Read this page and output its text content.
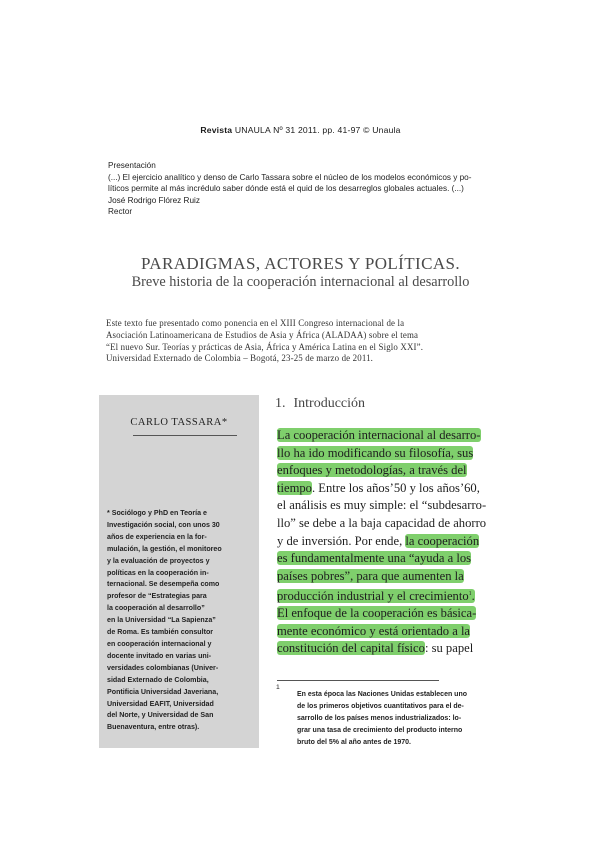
Revista UNAULA Nº 31 2011. pp. 41-97 © Unaula
Presentación
(...) El ejercicio analítico y denso de Carlo Tassara sobre el núcleo de los modelos económicos y po-
líticos permite al más incrédulo saber dónde está el quid de los desarreglos globales actuales. (...)
José Rodrigo Flórez Ruiz
Rector
PARADIGMAS, ACTORES Y POLÍTICAS.
Breve historia de la cooperación internacional al desarrollo
Este texto fue presentado como ponencia en el XIII Congreso internacional de la
Asociación Latinoamericana de Estudios de Asia y África (ALADAA) sobre el tema
“El nuevo Sur. Teorías y prácticas de Asia, África y América Latina en el Siglo XXI”.
Universidad Externado de Colombia – Bogotá, 23-25 de marzo de 2011.
CARLO TASSARA*
* Sociólogo y PhD en Teoría e
Investigación social, con unos 30
años de experiencia en la for-
mulación, la gestión, el monitoreo
y la evaluación de proyectos y
políticas en la cooperación in-
ternacional. Se desempeña como
profesor de “Estrategias para
la cooperación al desarrollo”
en la Universidad “La Sapienza”
de Roma. Es también consultor
en cooperación internacional y
docente invitado en varias uni-
versidades colombianas (Univer-
sidad Externado de Colombia,
Pontificia Universidad Javeriana,
Universidad EAFIT, Universidad
del Norte, y Universidad de San
Buenaventura, entre otras).
1. Introducción
La cooperación internacional al desarro-
llo ha ido modificando su filosofía, sus
enfoques y metodologías, a través del
tiempo. Entre los años’50 y los años’60,
el análisis es muy simple: el “subdesarro-
llo” se debe a la baja capacidad de ahorro
y de inversión. Por ende, la cooperación
es fundamentalmente una “ayuda a los
países pobres”, para que aumenten la
producción industrial y el crecimiento$^1$.
El enfoque de la cooperación es básica-
mente económico y está orientado a la
constitución del capital físico: su papel
1
En esta época las Naciones Unidas establecen uno
de los primeros objetivos cuantitativos para el de-
sarrollo de los países menos industrializados: lo-
grar una tasa de crecimiento del producto interno
bruto del 5% al año antes de 1970.
